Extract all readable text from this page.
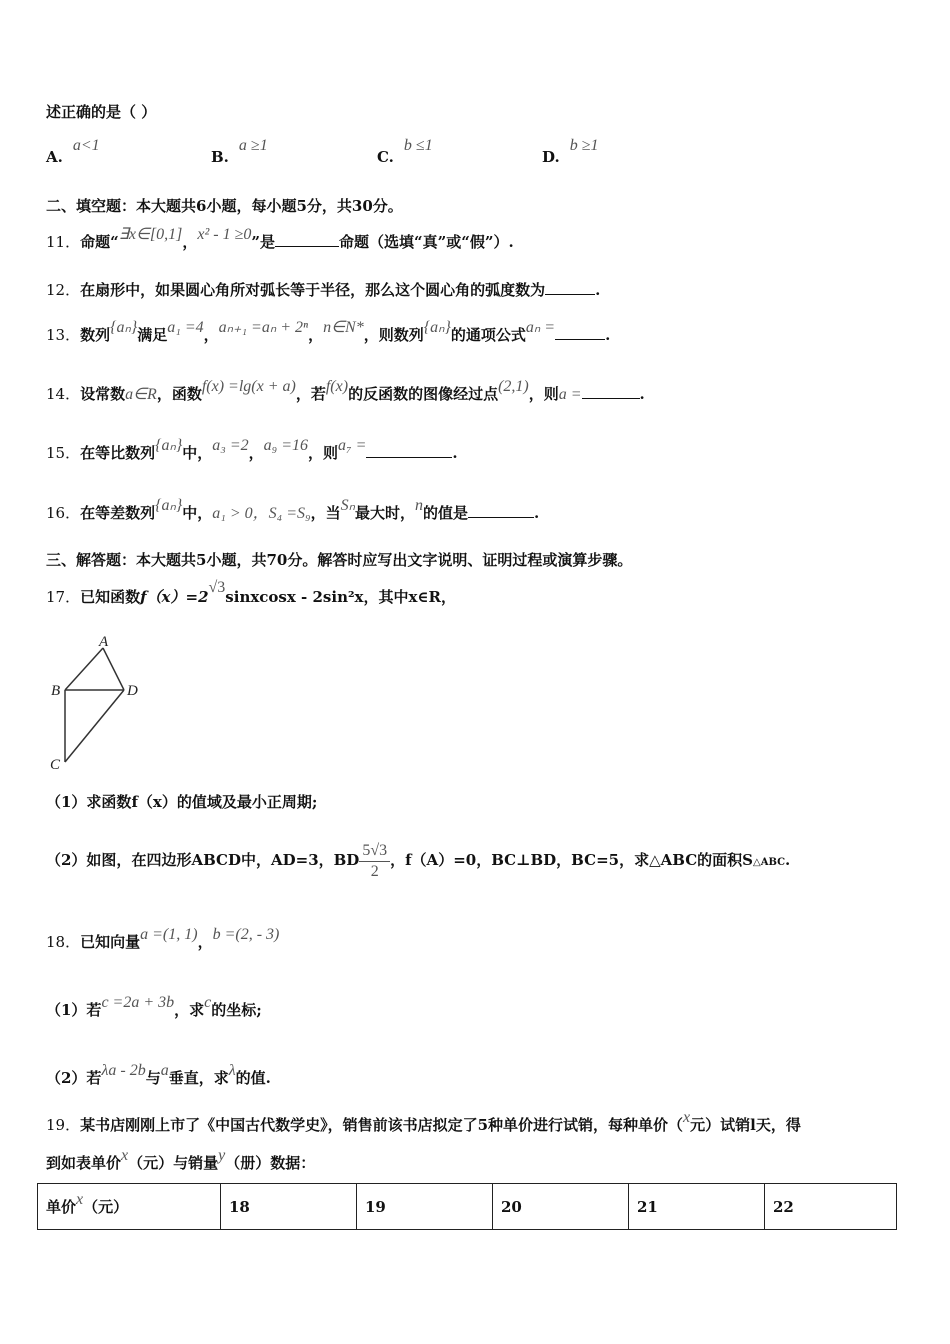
述正确的是（ ）
A.a<1
B.a ≥1
C.b ≤1
D.b ≥1
二、填空题：本大题共6小题，每小题5分，共30分。
11．命题“∃x∈[0,1]，x² - 1 ≥0”是	命题（选填“真”或“假”）.
12．在扇形中，如果圆心角所对弧长等于半径，那么这个圆心角的弧度数为	.
13．数列{aₙ}满足a₁ =4，aₙ₊₁ =aₙ + 2ⁿ，n∈N*，则数列{aₙ}的通项公式aₙ =	.
14．设常数a∈R，函数f(x) =lg(x + a)，若f(x)的反函数的图像经过点(2,1)，则a =	.
15．在等比数列{aₙ}中，a₃ =2，a₉ =16，则a₇ =	.
16．在等差数列{aₙ}中，a₁ > 0，S₄ =S₉，当Sₙ最大时，n的值是	.
三、解答题：本大题共5小题，共70分。解答时应写出文字说明、证明过程或演算步骤。
17．已知函数f（x）=2√3sinxcosx - 2sin²x，其中x∈R，
A
B	D
C
（1）求函数f（x）的值域及最小正周期;
（2）如图，在四边形ABCD中，AD=3，BD $\frac{5√3}{2}$ ，f（A）=0，BC⊥BD，BC=5，求△ABC的面积S△ABC.
18．已知向量a =(1, 1)，b =(2, - 3)
（1）若c =2a + 3b，求c的坐标;
（2）若λa - 2b与a垂直，求λ的值.
19．某书店刚刚上市了《中国古代数学史》，销售前该书店拟定了5种单价进行试销，每种单价（x元）试销l天，得
到如表单价x（元）与销量y（册）数据：
单价x（元）	18	19	20	21	22
